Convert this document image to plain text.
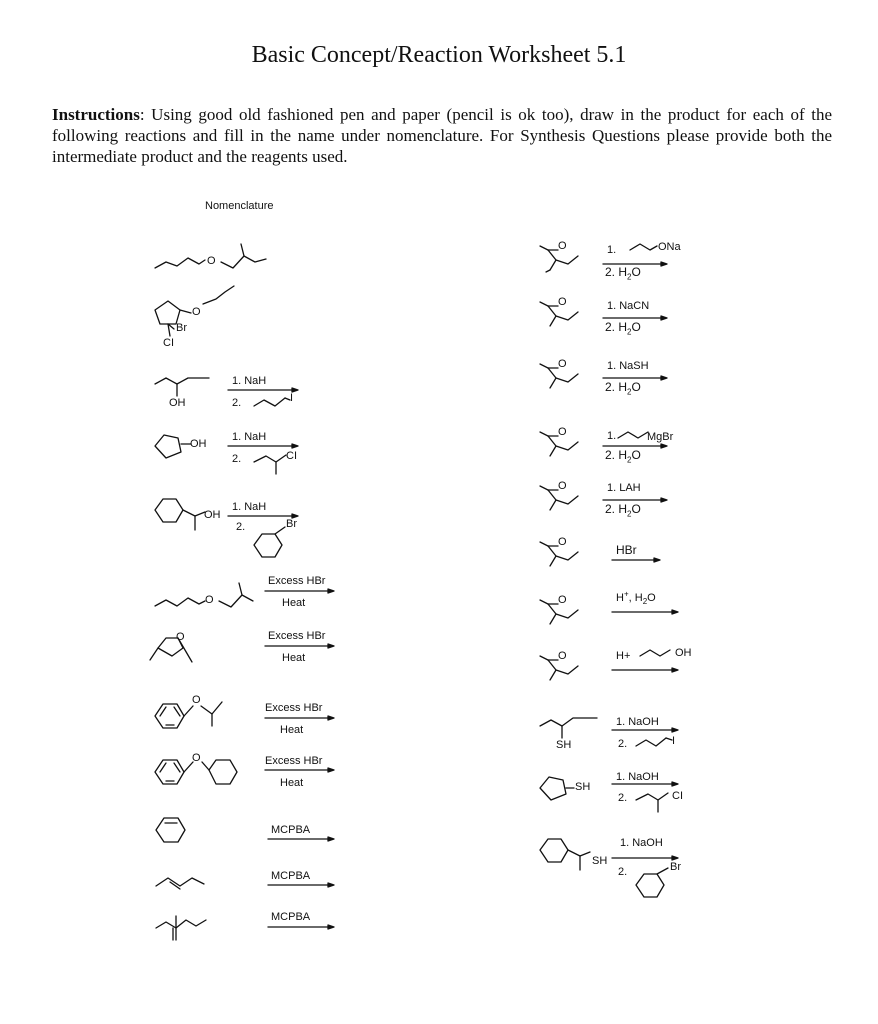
Basic Concept/Reaction Worksheet 5.1
Instructions: Using good old fashioned pen and paper (pencil is ok too), draw in the product for each of the following reactions and fill in the name under nomenclature. For Synthesis Questions please provide both the intermediate product and the reagents used.
Nomenclature
O
O
Br
CI
OH
1. NaH
2.	I
OH
1. NaH
2.	CI
OH
1. NaH
2.	Br
O
Excess HBr
Heat
O	Excess HBr
Heat
O
Excess HBr
Heat
O	Excess HBr
Heat
MCPBA
MCPBA
MCPBA
O	1.	ONa
2. $H_2O$
O	1. NaCN
2. $H_2O$
O	1. NaSH
2. $H_2O$
O	1.	MgBr
2. $H_2O$
O	1. LAH
2. $H_2O$
O
HBr
O	H+, $H_2O$
O	H+	OH
SH
1. NaOH
2.	I
SH
1. NaOH
2.	CI
SH
1. NaOH
2.	Br
